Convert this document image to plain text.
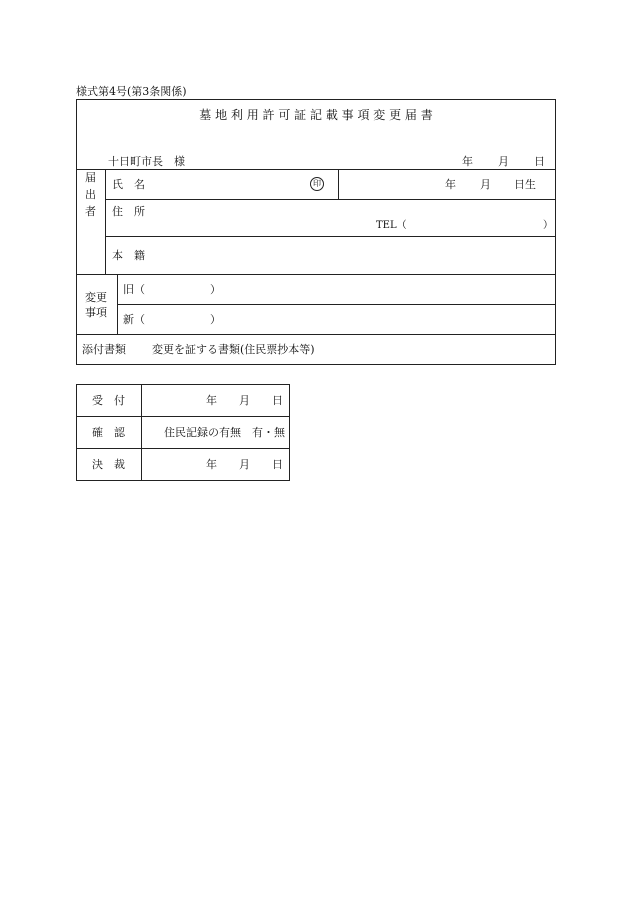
様式第4号(第3条関係)
墓 地 利 用 許 可 証 記 載 事 項 変 更 届 書
十日町市長　様	年 月 日
届
出
者
氏　名	印	年 月 日生
住　所
TEL（	）
本　籍
変更
事項
旧（	）
新（	）
添付書類 変更を証する書類(住民票抄本等)
受　付	年　　月　　日
確　認	住民記録の有無　有・無
決　裁	年　　月　　日
